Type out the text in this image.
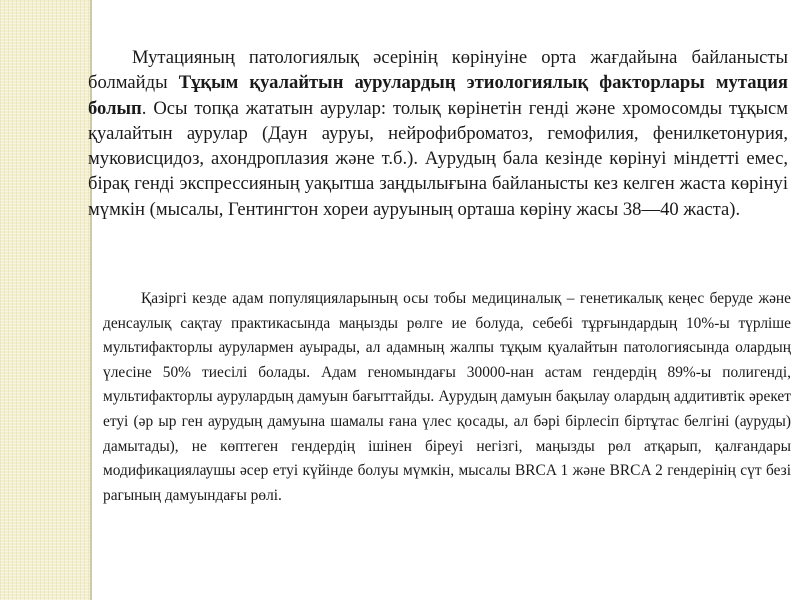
Мутацияның патологиялық әсерінің көрінуіне орта жағдайына байланысты болмайды Тұқым қуалайтын аурулардың этиологиялық факторлары мутация болып. Осы топқа жататын аурулар: толық көрінетін генді және хромосомды тұқысм қуалайтын аурулар (Даун ауруы, нейрофиброматоз, гемофилия, фенилкетонурия, муковисцидоз, ахондроплазия және т.б.). Аурудың бала кезінде көрінуі міндетті емес, бірақ генді экспрессияның уақытша заңдылығына байланысты кез келген жаста көрінуі мүмкін (мысалы, Гентингтон хореи ауруының орташа көріну жасы 38—40 жаста).

Қазіргі кезде адам популяцияларының осы тобы медициналық – генетикалық кеңес беруде және денсаулық сақтау практикасында маңызды рөлге ие болуда, себебі тұрғындардың 10%-ы түрліше мультифакторлы аурулармен ауырады, ал адамның жалпы тұқым қуалайтын патологиясында олардың үлесіне 50% тиесілі болады. Адам геномындағы 30000-нан астам гендердің 89%-ы полигенді, мультифакторлы аурулардың дамуын бағыттайды. Аурудың дамуын бақылау олардың аддитивтік әрекет етуі (әр ыр ген аурудың дамуына шамалы ғана үлес қосады, ал бәрі бірлесіп біртұтас белгіні (ауруды) дамытады), не көптеген гендердің ішінен біреуі негізгі, маңызды рөл атқарып, қалғандары модификациялаушы әсер етуі күйінде болуы мүмкін, мысалы BRCA 1 және BRCA 2 гендерінің сүт безі рагының дамуындағы рөлі.
